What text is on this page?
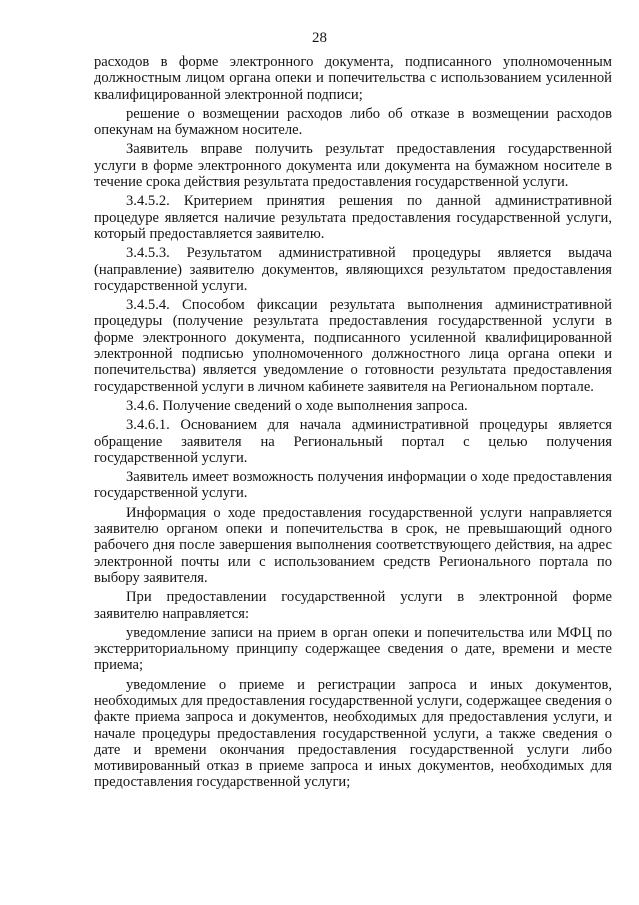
28

расходов в форме электронного документа, подписанного уполномоченным должностным лицом органа опеки и попечительства с использованием усиленной квалифицированной электронной подписи;

решение о возмещении расходов либо об отказе в возмещении расходов опекунам на бумажном носителе.

Заявитель вправе получить результат предоставления государственной услуги в форме электронного документа или документа на бумажном носителе в течение срока действия результата предоставления государственной услуги.

3.4.5.2. Критерием принятия решения по данной административной процедуре является наличие результата предоставления государственной услуги, который предоставляется заявителю.

3.4.5.3. Результатом административной процедуры является выдача (направление) заявителю документов, являющихся результатом предоставления государственной услуги.

3.4.5.4. Способом фиксации результата выполнения административной процедуры (получение результата предоставления государственной услуги в форме электронного документа, подписанного усиленной квалифицированной электронной подписью уполномоченного должностного лица органа опеки и попечительства) является уведомление о готовности результата предоставления государственной услуги в личном кабинете заявителя на Региональном портале.

3.4.6. Получение сведений о ходе выполнения запроса.

3.4.6.1. Основанием для начала административной процедуры является обращение заявителя на Региональный портал с целью получения государственной услуги.

Заявитель имеет возможность получения информации о ходе предоставления государственной услуги.

Информация о ходе предоставления государственной услуги направляется заявителю органом опеки и попечительства в срок, не превышающий одного рабочего дня после завершения выполнения соответствующего действия, на адрес электронной почты или с использованием средств Регионального портала по выбору заявителя.

При предоставлении государственной услуги в электронной форме заявителю направляется:

уведомление записи на прием в орган опеки и попечительства или МФЦ по экстерриториальному принципу содержащее сведения о дате, времени и месте приема;

уведомление о приеме и регистрации запроса и иных документов, необходимых для предоставления государственной услуги, содержащее сведения о факте приема запроса и документов, необходимых для предоставления услуги, и начале процедуры предоставления государственной услуги, а также сведения о дате и времени окончания предоставления государственной услуги либо мотивированный отказ в приеме запроса и иных документов, необходимых для предоставления государственной услуги;
